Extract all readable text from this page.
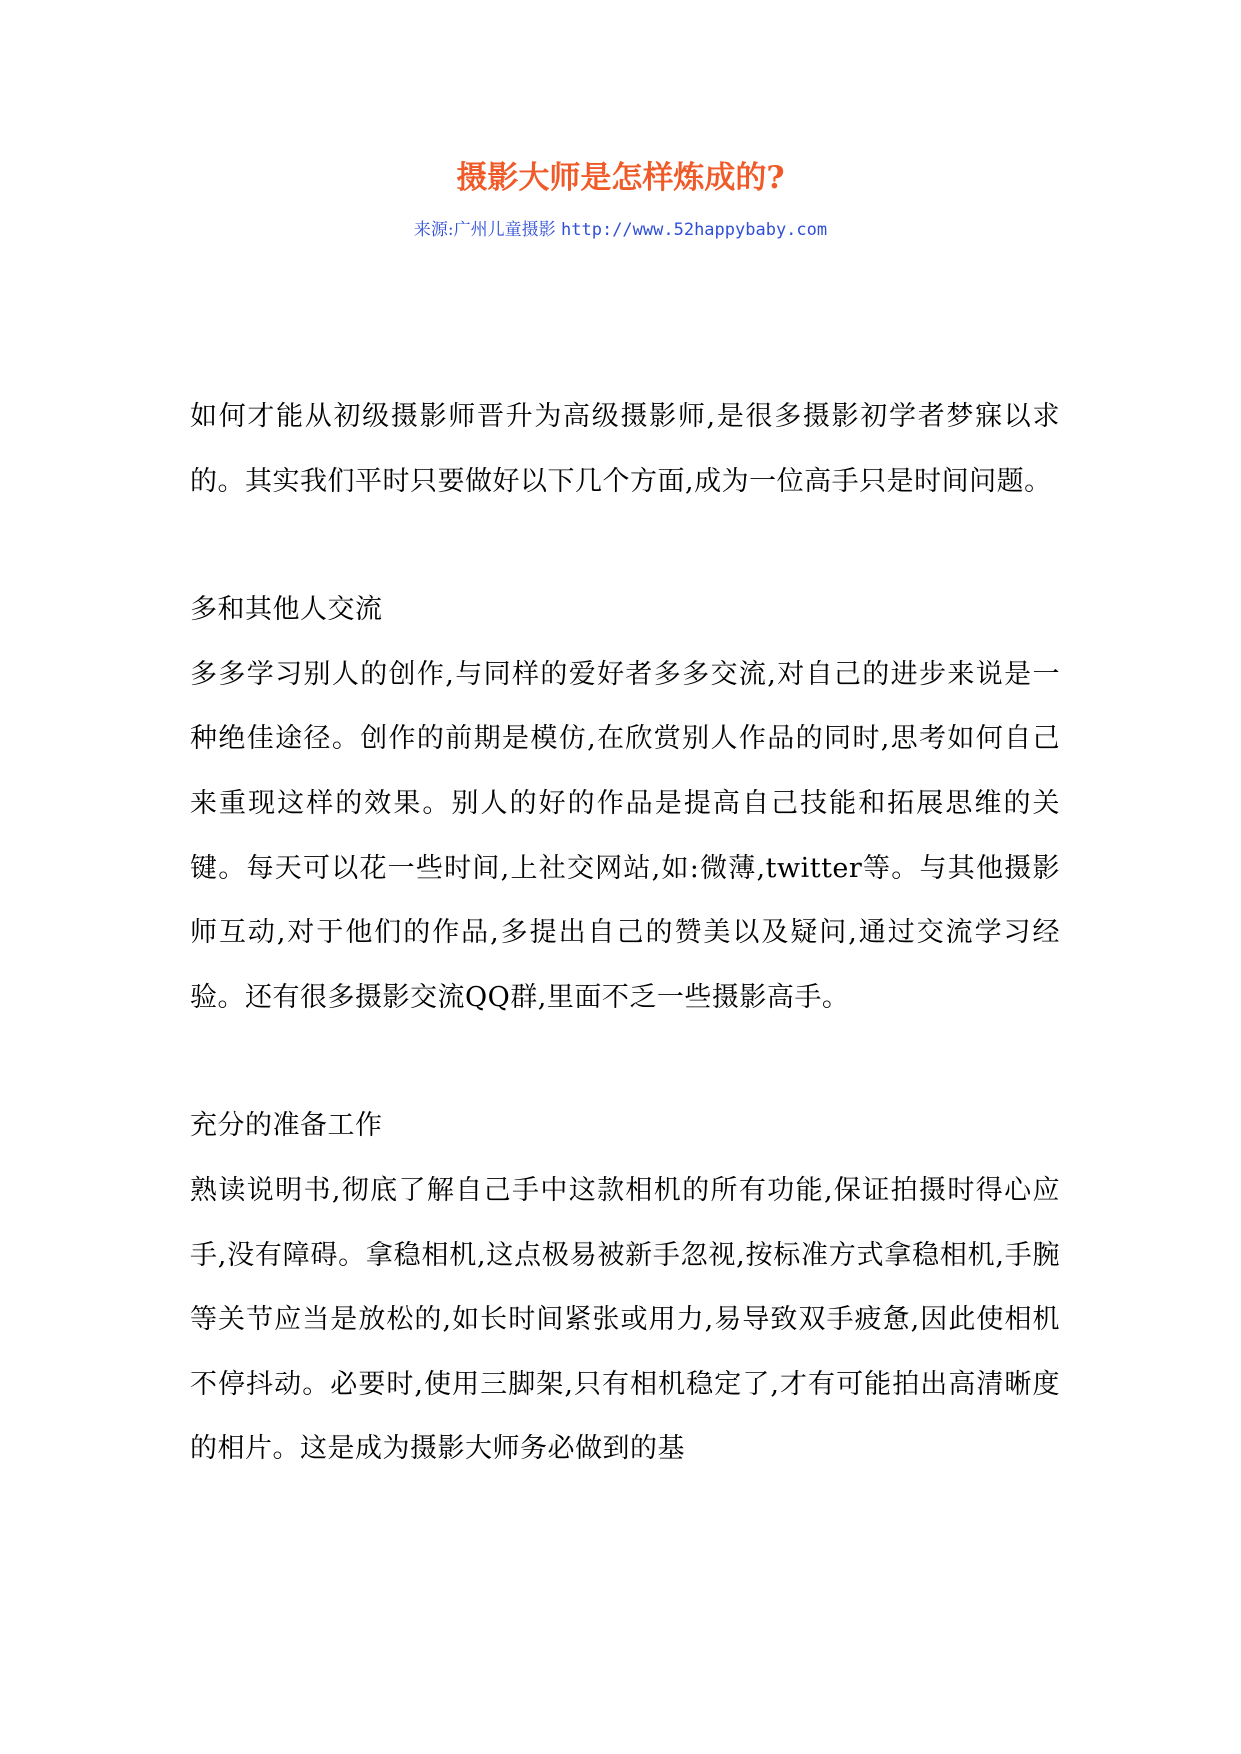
摄影大师是怎样炼成的?
来源:广州儿童摄影 http://www.52happybaby.com

如何才能从初级摄影师晋升为高级摄影师,是很多摄影初学者梦寐以求的。其实我们平时只要做好以下几个方面,成为一位高手只是时间问题。

多和其他人交流

多多学习别人的创作,与同样的爱好者多多交流,对自己的进步来说是一种绝佳途径。创作的前期是模仿,在欣赏别人作品的同时,思考如何自己来重现这样的效果。别人的好的作品是提高自己技能和拓展思维的关键。每天可以花一些时间,上社交网站,如:微薄,twitter等。与其他摄影师互动,对于他们的作品,多提出自己的赞美以及疑问,通过交流学习经验。还有很多摄影交流QQ群,里面不乏一些摄影高手。

充分的准备工作

熟读说明书,彻底了解自己手中这款相机的所有功能,保证拍摄时得心应手,没有障碍。拿稳相机,这点极易被新手忽视,按标准方式拿稳相机,手腕等关节应当是放松的,如长时间紧张或用力,易导致双手疲惫,因此使相机不停抖动。必要时,使用三脚架,只有相机稳定了,才有可能拍出高清晰度的相片。这是成为摄影大师务必做到的基
